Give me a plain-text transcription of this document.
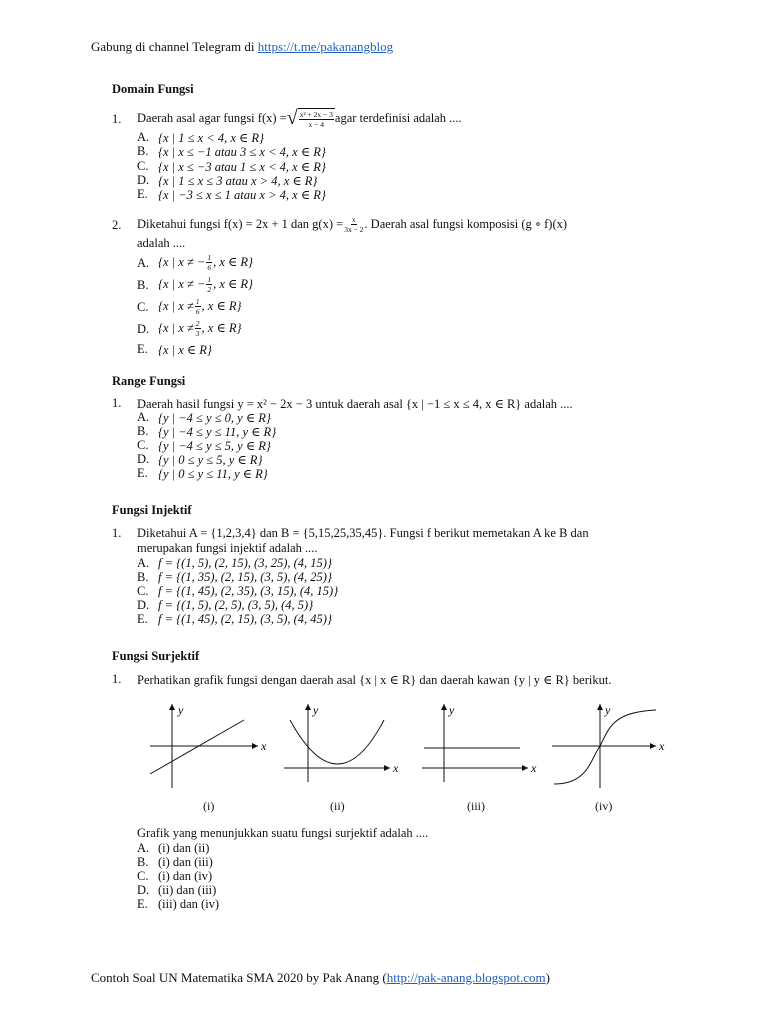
Gabung di channel Telegram di https://t.me/pakanangblog
Domain Fungsi
1. Daerah asal agar fungsi f(x) = √ $\frac{\text{x² + 2x − 3}}{x - 4}$ agar terdefinisi adalah ....
A. {x | 1 ≤ x < 4, x ∈ R}
B. {x | x ≤ −1 atau 3 ≤ x < 4, x ∈ R}
C. {x | x ≤ −3 atau 1 ≤ x < 4, x ∈ R}
D. {x | 1 ≤ x ≤ 3 atau x > 4, x ∈ R}
E. {x | −3 ≤ x ≤ 1 atau x > 4, x ∈ R}
2. Diketahui fungsi f(x) = 2x + 1 dan $g(x) = \frac{x}{3x - 2}$ . Daerah asal fungsi komposisi (g ∘ f)(x)
adalah ....
A. {x | x ≠ − $\frac{1}{6}$ , x ∈ R}
B. {x | x ≠ − $\frac{1}{2}$ , x ∈ R}
C. {x | $x \ne \frac{1}{6}$ , x ∈ R}
D. {x | $x \ne \frac{2}{3}$ , x ∈ R}
E. {x | x ∈ R}
Range Fungsi
1. Daerah hasil fungsi y = x² − 2x − 3 untuk daerah asal {x | −1 ≤ x ≤ 4, x ∈ R} adalah ....
A. {y | −4 ≤ y ≤ 0, y ∈ R}
B. {y | −4 ≤ y ≤ 11, y ∈ R}
C. {y | −4 ≤ y ≤ 5, y ∈ R}
D. {y | 0 ≤ y ≤ 5, y ∈ R}
E. {y | 0 ≤ y ≤ 11, y ∈ R}
Fungsi Injektif
1. Diketahui A = {1,2,3,4} dan B = {5,15,25,35,45}. Fungsi f berikut memetakan A ke B dan
merupakan fungsi injektif adalah ....
A. f = {(1, 5), (2, 15), (3, 25), (4, 15)}
B. f = {(1, 35), (2, 15), (3, 5), (4, 25)}
C. f = {(1, 45), (2, 35), (3, 15), (4, 15)}
D. f = {(1, 5), (2, 5), (3, 5), (4, 5)}
E. f = {(1, 45), (2, 15), (3, 5), (4, 45)}
Fungsi Surjektif
1. Perhatikan grafik fungsi dengan daerah asal {x | x ∈ R} dan daerah kawan {y | y ∈ R} berikut.
x
y
x
y
x
y
x
y
(i)	(ii)	(iii)	(iv)
Grafik yang menunjukkan suatu fungsi surjektif adalah ....
A. (i) dan (ii)
B. (i) dan (iii)
C. (i) dan (iv)
D. (ii) dan (iii)
E. (iii) dan (iv)
Contoh Soal UN Matematika SMA 2020 by Pak Anang (http://pak-anang.blogspot.com)
